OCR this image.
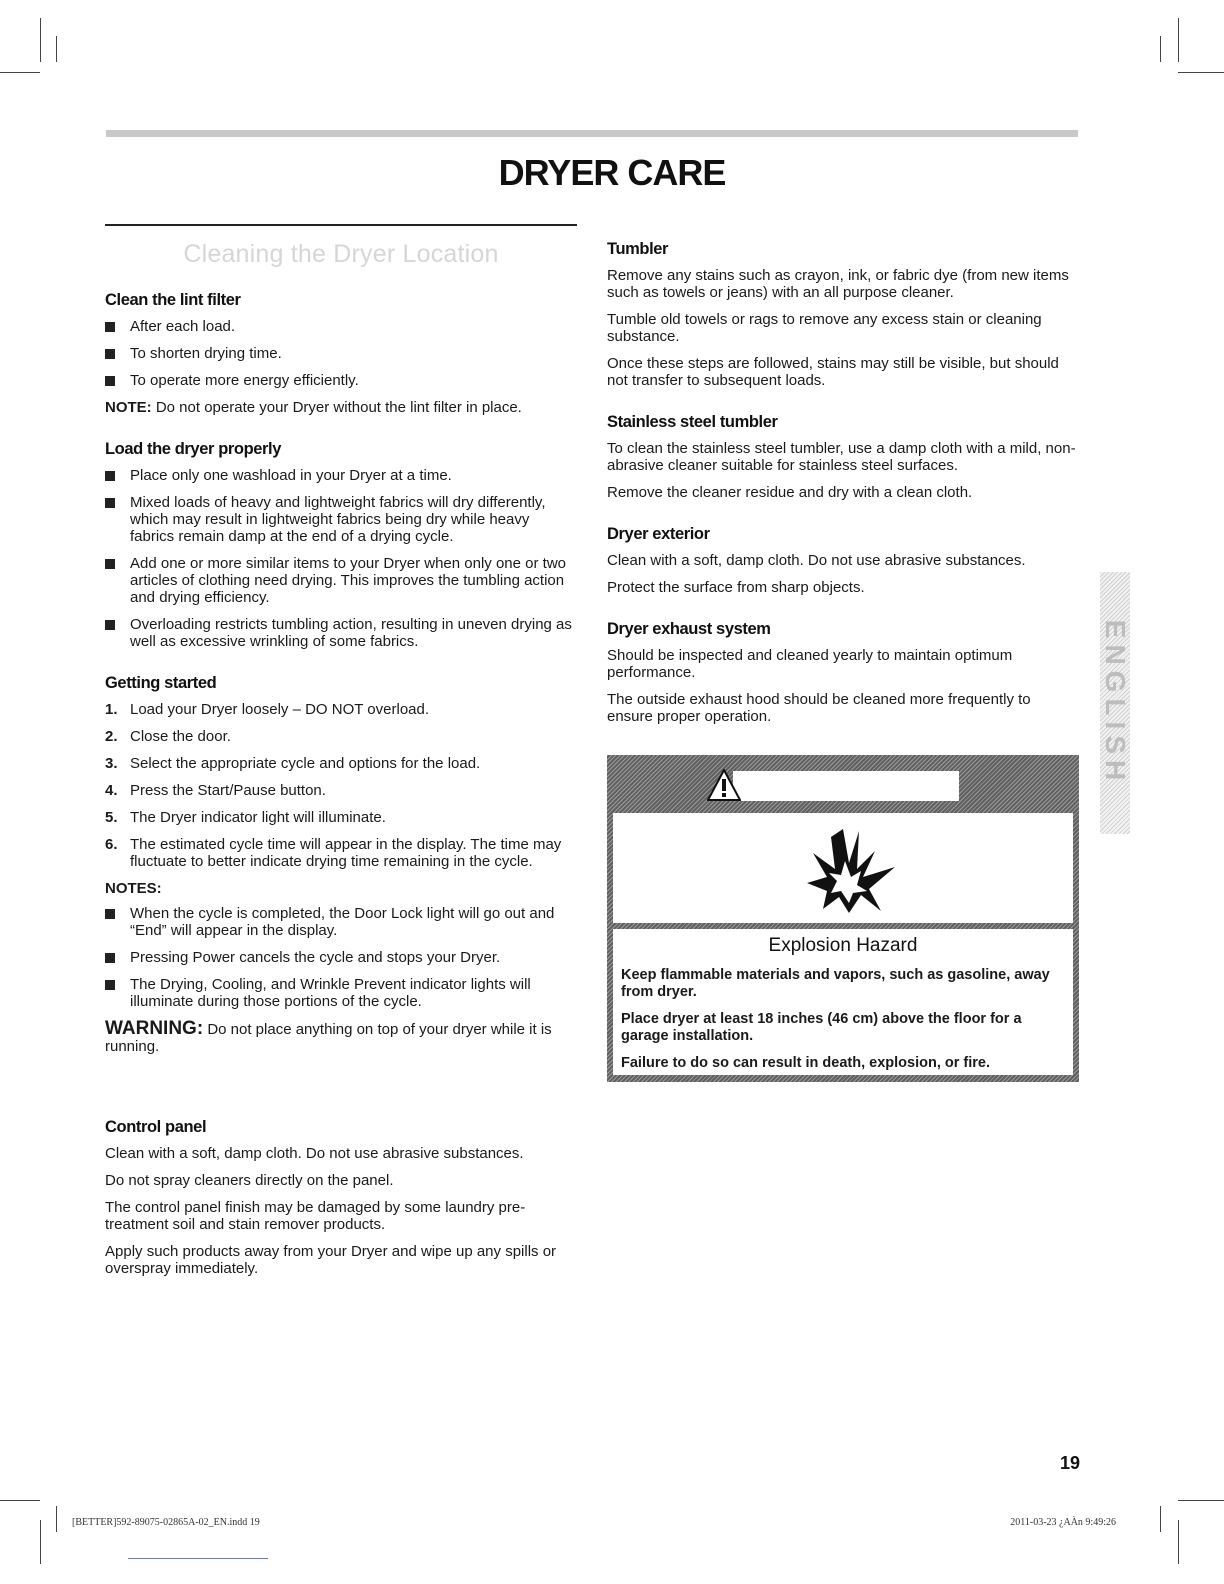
DRYER CARE
Cleaning the Dryer Location
Clean the lint filter
After each load.
To shorten drying time.
To operate more energy efficiently.

NOTE: Do not operate your Dryer without the lint filter in place.

Load the dryer properly
Place only one washload in your Dryer at a time.
Mixed loads of heavy and lightweight fabrics will dry differently, which may result in lightweight fabrics being dry while heavy fabrics remain damp at the end of a drying cycle.
Add one or more similar items to your Dryer when only one or two articles of clothing need drying. This improves the tumbling action and drying efficiency.
Overloading restricts tumbling action, resulting in uneven drying as well as excessive wrinkling of some fabrics.
Getting started
1. Load your Dryer loosely – DO NOT overload.
2. Close the door.
3. Select the appropriate cycle and options for the load.
4. Press the Start/Pause button.
5. The Dryer indicator light will illuminate.
6. The estimated cycle time will appear in the display. The time may fluctuate to better indicate drying time remaining in the cycle.

NOTES:

When the cycle is completed, the Door Lock light will go out and “End” will appear in the display.
Pressing Power cancels the cycle and stops your Dryer.
The Drying, Cooling, and Wrinkle Prevent indicator lights will illuminate during those portions of the cycle.

WARNING: Do not place anything on top of your dryer while it is running.

Control panel

Clean with a soft, damp cloth. Do not use abrasive substances.

Do not spray cleaners directly on the panel.

The control panel finish may be damaged by some laundry pre-treatment soil and stain remover products.

Apply such products away from your Dryer and wipe up any spills or overspray immediately.

Tumbler

Remove any stains such as crayon, ink, or fabric dye (from new items such as towels or jeans) with an all purpose cleaner.

Tumble old towels or rags to remove any excess stain or cleaning substance.

Once these steps are followed, stains may still be visible, but should not transfer to subsequent loads.

Stainless steel tumbler

To clean the stainless steel tumbler, use a damp cloth with a mild, non-abrasive cleaner suitable for stainless steel surfaces.

Remove the cleaner residue and dry with a clean cloth.

Dryer exterior

Clean with a soft, damp cloth. Do not use abrasive substances.

Protect the surface from sharp objects.

Dryer exhaust system

Should be inspected and cleaned yearly to maintain optimum performance.

The outside exhaust hood should be cleaned more frequently to ensure proper operation.

Explosion Hazard

Keep flammable materials and vapors, such as gasoline, away from dryer.

Place dryer at least 18 inches (46 cm) above the floor for a garage installation.

Failure to do so can result in death, explosion, or fire.

ENGLISH
19
[BETTER]592-89075-02865A-02_EN.indd 19	2011-03-23 ¿AÀn 9:49:26
